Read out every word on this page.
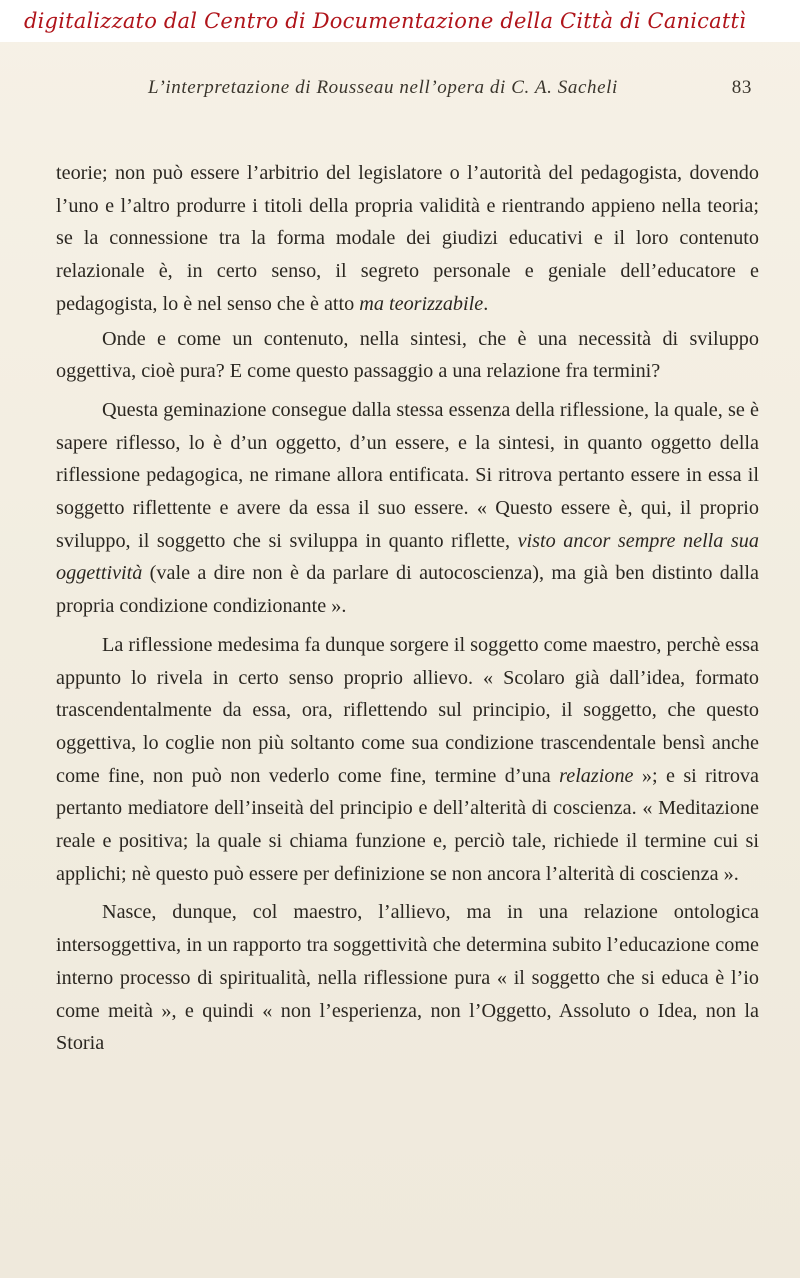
digitalizzato dal Centro di Documentazione della Città di Canicattì
L’interpretazione di Rousseau nell’opera di C. A. Sacheli	83

teorie; non può essere l’arbitrio del legislatore o l’autorità del pedagogista, dovendo l’uno e l’altro produrre i titoli della propria validità e rientrando appieno nella teoria; se la connessione tra la forma modale dei giudizi educativi e il loro contenuto relazionale è, in certo senso, il segreto personale e geniale dell’educatore e pedagogista, lo è nel senso che è atto ma teorizzabile.

Onde e come un contenuto, nella sintesi, che è una necessità di sviluppo oggettiva, cioè pura? E come questo passaggio a una relazione fra termini?

Questa geminazione consegue dalla stessa essenza della riflessione, la quale, se è sapere riflesso, lo è d’un oggetto, d’un essere, e la sintesi, in quanto oggetto della riflessione pedagogica, ne rimane allora entificata. Si ritrova pertanto essere in essa il soggetto riflettente e avere da essa il suo essere. « Questo essere è, qui, il proprio sviluppo, il soggetto che si sviluppa in quanto riflette, visto ancor sempre nella sua oggettività (vale a dire non è da parlare di autocoscienza), ma già ben distinto dalla propria condizione condizionante ».

La riflessione medesima fa dunque sorgere il soggetto come maestro, perchè essa appunto lo rivela in certo senso proprio allievo. « Scolaro già dall’idea, formato trascendentalmente da essa, ora, riflettendo sul principio, il soggetto, che questo oggettiva, lo coglie non più soltanto come sua condizione trascendentale bensì anche come fine, non può non vederlo come fine, termine d’una relazione »; e si ritrova pertanto mediatore dell’inseità del principio e dell’alterità di coscienza. « Meditazione reale e positiva; la quale si chiama funzione e, perciò tale, richiede il termine cui si applichi; nè questo può essere per definizione se non ancora l’alterità di coscienza ».

Nasce, dunque, col maestro, l’allievo, ma in una relazione ontologica intersoggettiva, in un rapporto tra soggettività che determina subito l’educazione come interno processo di spiritualità, nella riflessione pura « il soggetto che si educa è l’io come meità », e quindi « non l’esperienza, non l’Oggetto, Assoluto o Idea, non la Storia
